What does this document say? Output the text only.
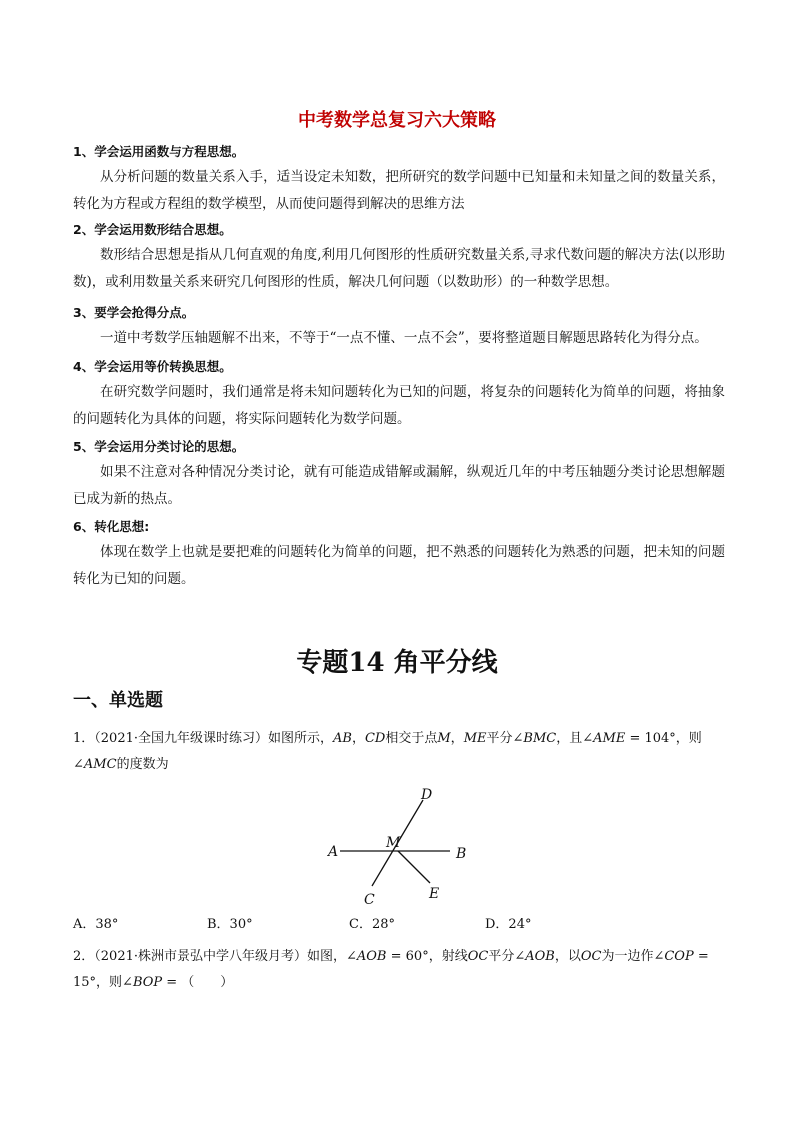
中考数学总复习六大策略
1、学会运用函数与方程思想。
从分析问题的数量关系入手，适当设定未知数，把所研究的数学问题中已知量和未知量之间的数量关系，转化为方程或方程组的数学模型，从而使问题得到解决的思维方法
2、学会运用数形结合思想。
数形结合思想是指从几何直观的角度,利用几何图形的性质研究数量关系,寻求代数问题的解决方法(以形助数)，或利用数量关系来研究几何图形的性质，解决几何问题（以数助形）的一种数学思想。
3、要学会抢得分点。
一道中考数学压轴题解不出来，不等于“一点不懂、一点不会”，要将整道题目解题思路转化为得分点。
4、学会运用等价转换思想。
在研究数学问题时，我们通常是将未知问题转化为已知的问题，将复杂的问题转化为简单的问题，将抽象的问题转化为具体的问题，将实际问题转化为数学问题。
5、学会运用分类讨论的思想。
如果不注意对各种情况分类讨论，就有可能造成错解或漏解，纵观近几年的中考压轴题分类讨论思想解题已成为新的热点。
6、转化思想:
体现在数学上也就是要把难的问题转化为简单的问题，把不熟悉的问题转化为熟悉的问题，把未知的问题转化为已知的问题。
专题14 角平分线
一、单选题
1．（2021·全国九年级课时练习）如图所示，AB，CD相交于点M，ME平分∠BMC，且∠AME = 104°，则∠AMC的度数为
A	B
C
D
E
M
A．38°	B．30°	C．28°	D．24°
2．（2021·株洲市景弘中学八年级月考）如图，∠AOB = 60°，射线OC平分∠AOB，以OC为一边作∠COP = 15°，则∠BOP = （　　）
